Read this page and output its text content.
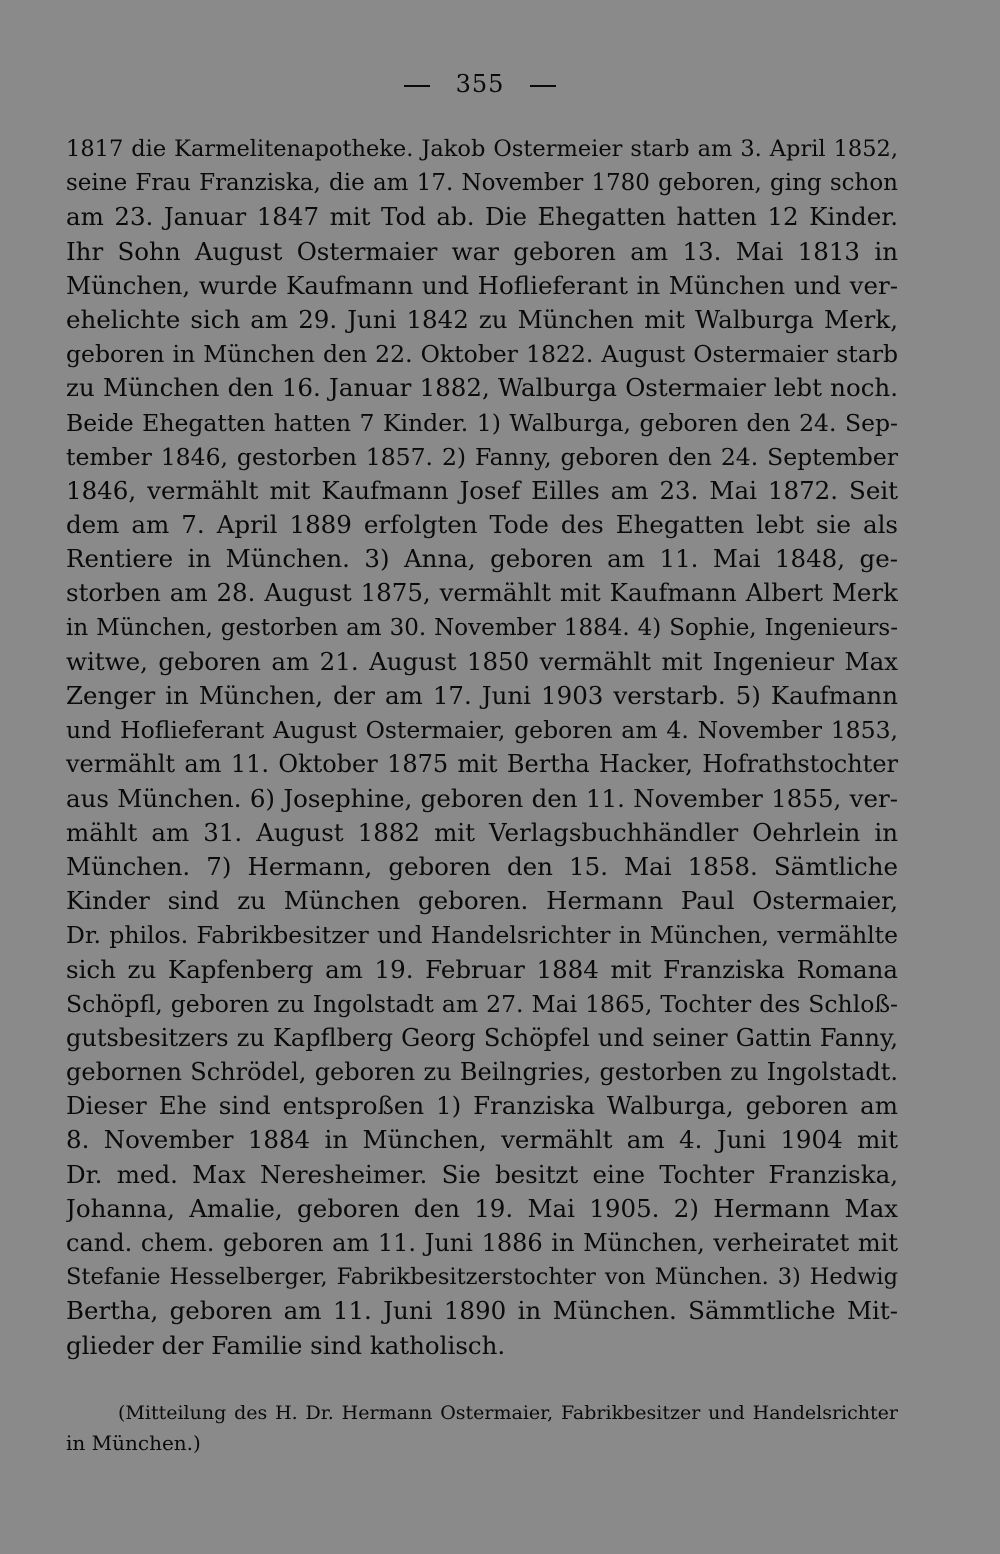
355
1817 die Karmelitenapotheke. Jakob Ostermeier starb am 3. April 1852,
seine Frau Franziska, die am 17. November 1780 geboren, ging schon
am 23. Januar 1847 mit Tod ab. Die Ehegatten hatten 12 Kinder.
Ihr Sohn August Ostermaier war geboren am 13. Mai 1813 in
München, wurde Kaufmann und Hoflieferant in München und ver-
ehelichte sich am 29. Juni 1842 zu München mit Walburga Merk,
geboren in München den 22. Oktober 1822. August Ostermaier starb
zu München den 16. Januar 1882, Walburga Ostermaier lebt noch.
Beide Ehegatten hatten 7 Kinder. 1) Walburga, geboren den 24. Sep-
tember 1846, gestorben 1857. 2) Fanny, geboren den 24. September
1846, vermählt mit Kaufmann Josef Eilles am 23. Mai 1872. Seit
dem am 7. April 1889 erfolgten Tode des Ehegatten lebt sie als
Rentiere in München. 3) Anna, geboren am 11. Mai 1848, ge-
storben am 28. August 1875, vermählt mit Kaufmann Albert Merk
in München, gestorben am 30. November 1884. 4) Sophie, Ingenieurs-
witwe, geboren am 21. August 1850 vermählt mit Ingenieur Max
Zenger in München, der am 17. Juni 1903 verstarb. 5) Kaufmann
und Hoflieferant August Ostermaier, geboren am 4. November 1853,
vermählt am 11. Oktober 1875 mit Bertha Hacker, Hofrathstochter
aus München. 6) Josephine, geboren den 11. November 1855, ver-
mählt am 31. August 1882 mit Verlagsbuchhändler Oehrlein in
München. 7) Hermann, geboren den 15. Mai 1858. Sämtliche
Kinder sind zu München geboren. Hermann Paul Ostermaier,
Dr. philos. Fabrikbesitzer und Handelsrichter in München, vermählte
sich zu Kapfenberg am 19. Februar 1884 mit Franziska Romana
Schöpfl, geboren zu Ingolstadt am 27. Mai 1865, Tochter des Schloß-
gutsbesitzers zu Kapflberg Georg Schöpfel und seiner Gattin Fanny,
gebornen Schrödel, geboren zu Beilngries, gestorben zu Ingolstadt.
Dieser Ehe sind entsproßen 1) Franziska Walburga, geboren am
8. November 1884 in München, vermählt am 4. Juni 1904 mit
Dr. med. Max Neresheimer. Sie besitzt eine Tochter Franziska,
Johanna, Amalie, geboren den 19. Mai 1905. 2) Hermann Max
cand. chem. geboren am 11. Juni 1886 in München, verheiratet mit
Stefanie Hesselberger, Fabrikbesitzerstochter von München. 3) Hedwig
Bertha, geboren am 11. Juni 1890 in München. Sämmtliche Mit-
glieder der Familie sind katholisch.
(Mitteilung des H. Dr. Hermann Ostermaier, Fabrikbesitzer und Handelsrichter
in München.)
